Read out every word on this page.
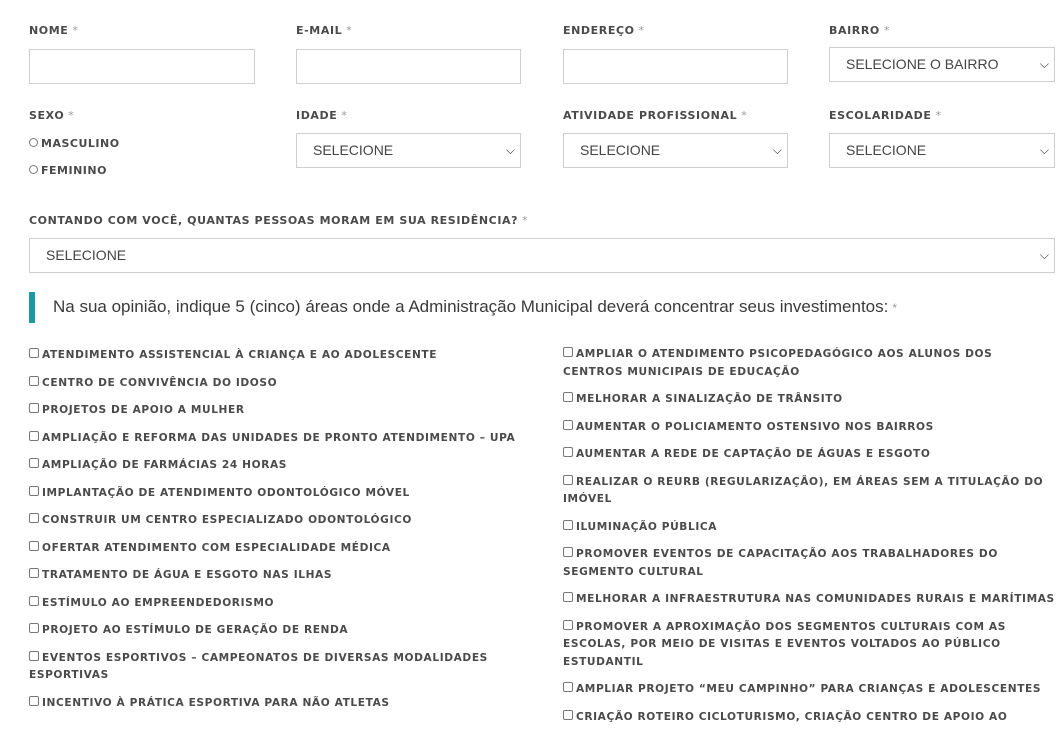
NOME *	E-MAIL *	ENDEREÇO *	BAIRRO *
SELECIONE O BAIRRO	⌵
SEXO *	IDADE *	ATIVIDADE PROFISSIONAL *	ESCOLARIDADE *
MASCULINO
FEMININO
SELECIONE	⌵	SELECIONE	⌵	SELECIONE	⌵
CONTANDO COM VOCÊ, QUANTAS PESSOAS MORAM EM SUA RESIDÊNCIA? *
SELECIONE	⌵
Na sua opinião, indique 5 (cinco) áreas onde a Administração Municipal deverá concentrar seus investimentos: *
ATENDIMENTO ASSISTENCIAL À CRIANÇA E AO ADOLESCENTE
CENTRO DE CONVIVÊNCIA DO IDOSO
PROJETOS DE APOIO A MULHER
AMPLIAÇÃO E REFORMA DAS UNIDADES DE PRONTO ATENDIMENTO – UPA
AMPLIAÇÃO DE FARMÁCIAS 24 HORAS
IMPLANTAÇÃO DE ATENDIMENTO ODONTOLÓGICO MÓVEL
CONSTRUIR UM CENTRO ESPECIALIZADO ODONTOLÓGICO
OFERTAR ATENDIMENTO COM ESPECIALIDADE MÉDICA
TRATAMENTO DE ÁGUA E ESGOTO NAS ILHAS
ESTÍMULO AO EMPREENDEDORISMO
PROJETO AO ESTÍMULO DE GERAÇÃO DE RENDA
EVENTOS ESPORTIVOS – CAMPEONATOS DE DIVERSAS MODALIDADES ESPORTIVAS
INCENTIVO À PRÁTICA ESPORTIVA PARA NÃO ATLETAS
AMPLIAR O ATENDIMENTO PSICOPEDAGÓGICO AOS ALUNOS DOS CENTROS MUNICIPAIS DE EDUCAÇÃO
MELHORAR A SINALIZAÇÃO DE TRÂNSITO
AUMENTAR O POLICIAMENTO OSTENSIVO NOS BAIRROS
AUMENTAR A REDE DE CAPTAÇÃO DE ÁGUAS E ESGOTO
REALIZAR O REURB (REGULARIZAÇÃO), EM ÁREAS SEM A TITULAÇÃO DO IMÓVEL
ILUMINAÇÃO PÚBLICA
PROMOVER EVENTOS DE CAPACITAÇÃO AOS TRABALHADORES DO SEGMENTO CULTURAL
MELHORAR A INFRAESTRUTURA NAS COMUNIDADES RURAIS E MARÍTIMAS
PROMOVER A APROXIMAÇÃO DOS SEGMENTOS CULTURAIS COM AS ESCOLAS, POR MEIO DE VISITAS E EVENTOS VOLTADOS AO PÚBLICO ESTUDANTIL
AMPLIAR PROJETO “MEU CAMPINHO” PARA CRIANÇAS E ADOLESCENTES
CRIAÇÃO ROTEIRO CICLOTURISMO, CRIAÇÃO CENTRO DE APOIO AO
